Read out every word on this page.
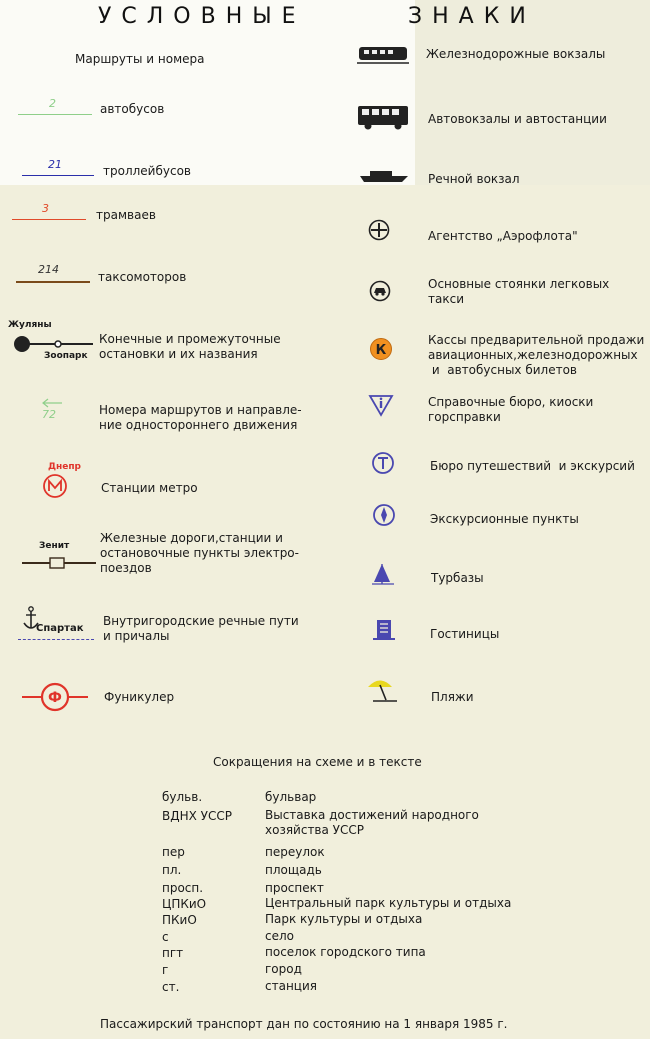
УСЛОВНЫЕ	ЗНАКИ
Маршруты и номера
2	автобусов
21	троллейбусов
3	трамваев
214
таксомоторов
Жуляны
Зоопарк
Конечные и промежуточные
остановки и их названия
72	Номера маршрутов и направле-
ние одностороннего движения
Днепр
Станции метро
Зенит
Железные дороги,станции и
остановочные пункты электро-
поездов
Спартак
Внутригородские речные пути
и причалы
Ф	Фуникулер
Железнодорожные вокзалы
Автовокзалы и автостанции
Речной вокзал
Агентство „Аэрофлота"
Основные стоянки легковых
такси
К
Кассы предварительной продажи
авиационных,железнодорожных
и  автобусных билетов
Справочные бюро, киоски
горсправки
Бюро путешествий  и экскурсий
Экскурсионные пункты
Турбазы
Гостиницы
Пляжи
Сокращения на схеме и в тексте
бульв.	бульвар
ВДНХ УССР	Выставка достижений народного
хозяйства УССР
пер	переулок
пл.	площадь
просп.	проспект
ЦПКиО	Центральный парк культуры и отдыха
ПКиО	Парк культуры и отдыха
с	село
пгт	поселок городского типа
г	город
ст.	станция
Пассажирский транспорт дан по состоянию на 1 января 1985 г.
